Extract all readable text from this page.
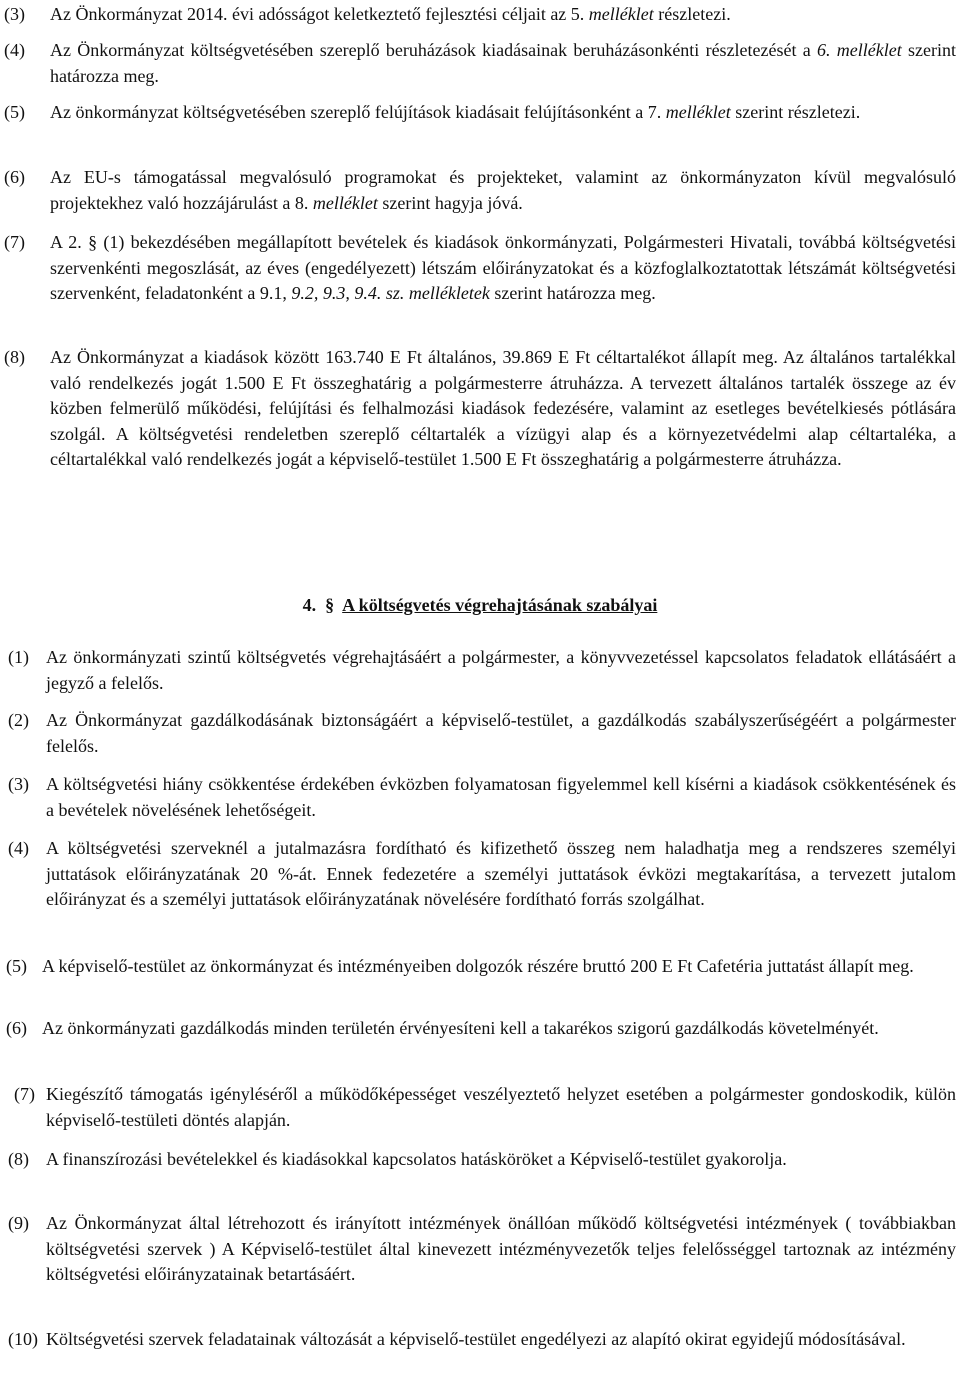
(3)	Az Önkormányzat 2014. évi adósságot keletkeztető fejlesztési céljait az 5. melléklet részletezi.
(4)	Az Önkormányzat költségvetésében szereplő beruházások kiadásainak beruházásonkénti részletezését a 6. melléklet szerint határozza meg.
(5)	Az önkormányzat költségvetésében szereplő felújítások kiadásait felújításonként a 7. melléklet szerint részletezi.
(6)	Az EU-s támogatással megvalósuló programokat és projekteket, valamint az önkormányzaton kívül megvalósuló projektekhez való hozzájárulást a 8. melléklet szerint hagyja jóvá.
(7)	A 2. § (1) bekezdésében megállapított bevételek és kiadások önkormányzati, Polgármesteri Hivatali, továbbá költségvetési szervenkénti megoszlását, az éves (engedélyezett) létszám előirányzatokat és a közfoglalkoztatottak létszámát költségvetési szervenként, feladatonként a 9.1, 9.2, 9.3, 9.4. sz. mellékletek szerint határozza meg.
(8)	Az Önkormányzat a kiadások között 163.740 E Ft általános, 39.869 E Ft céltartalékot állapít meg. Az általános tartalékkal való rendelkezés jogát 1.500 E Ft összeghatárig a polgármesterre átruházza. A tervezett általános tartalék összege az év közben felmerülő működési, felújítási és felhalmozási kiadások fedezésére, valamint az esetleges bevételkiesés pótlására szolgál. A költségvetési rendeletben szereplő céltartalék a vízügyi alap és a környezetvédelmi alap céltartaléka, a céltartalékkal való rendelkezés jogát a képviselő-testület 1.500 E Ft összeghatárig a polgármesterre átruházza.
4.  §  A költségvetés végrehajtásának szabályai
(1) Az önkormányzati szintű költségvetés végrehajtásáért a polgármester, a könyvvezetéssel kapcsolatos feladatok ellátásáért a jegyző a felelős.
(2) Az Önkormányzat gazdálkodásának biztonságáért a képviselő-testület, a gazdálkodás szabályszerűségéért a polgármester felelős.
(3) A költségvetési hiány csökkentése érdekében évközben folyamatosan figyelemmel kell kísérni a kiadások csökkentésének és a bevételek növelésének lehetőségeit.
(4) A költségvetési szerveknél a jutalmazásra fordítható és kifizethető összeg nem haladhatja meg a rendszeres személyi juttatások előirányzatának 20 %-át. Ennek fedezetére a személyi juttatások évközi megtakarítása, a tervezett jutalom előirányzat és a személyi juttatások előirányzatának növelésére fordítható forrás szolgálhat.
(5) A képviselő-testület az önkormányzat és intézményeiben dolgozók részére bruttó 200 E Ft Cafetéria juttatást állapít meg.
(6) Az önkormányzati gazdálkodás minden területén érvényesíteni kell a takarékos szigorú gazdálkodás követelményét.
(7) Kiegészítő támogatás igényléséről a működőképességet veszélyeztető helyzet esetében a polgármester gondoskodik, külön képviselő-testületi döntés alapján.
(8) A finanszírozási bevételekkel és kiadásokkal kapcsolatos hatásköröket a Képviselő-testület gyakorolja.
(9) Az Önkormányzat által létrehozott és irányított intézmények önállóan működő költségvetési intézmények ( továbbiakban költségvetési szervek ) A Képviselő-testület által kinevezett intézményvezetők teljes felelősséggel tartoznak az intézmény költségvetési előirányzatainak betartásáért.
(10) Költségvetési szervek feladatainak változását a képviselő-testület engedélyezi az alapító okirat egyidejű módosításával.
